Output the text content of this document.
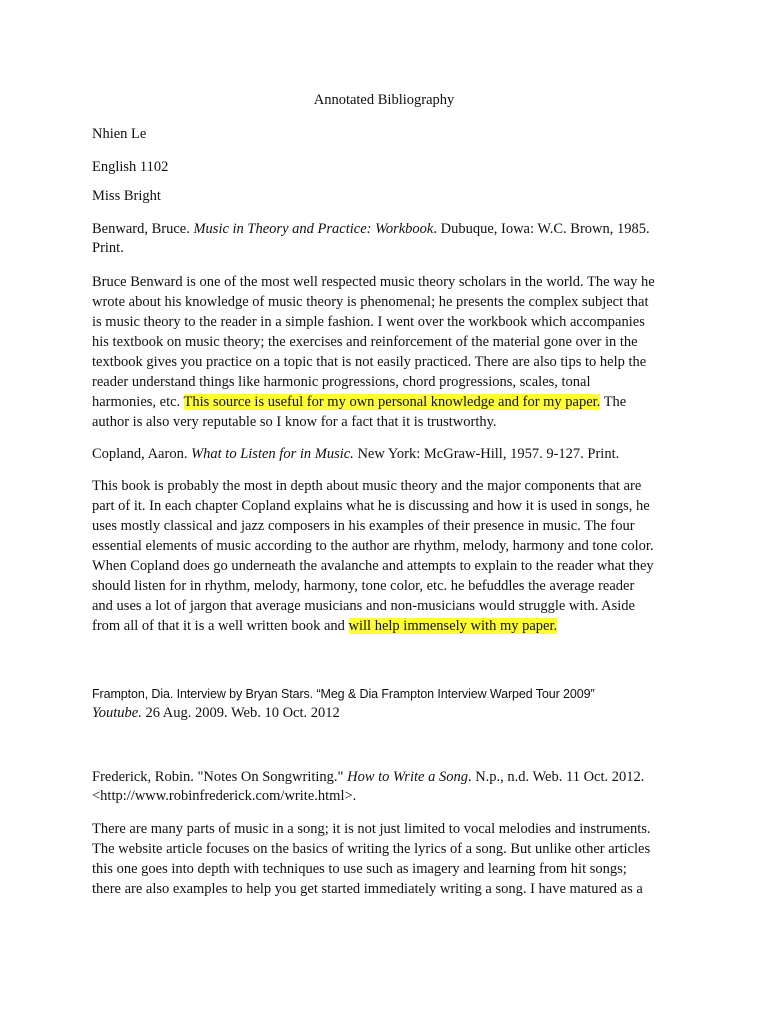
Annotated Bibliography
Nhien Le
English 1102
Miss Bright
Benward, Bruce. Music in Theory and Practice: Workbook. Dubuque, Iowa: W.C. Brown, 1985.
Print.
Bruce Benward is one of the most well respected music theory scholars in the world. The way he
wrote about his knowledge of music theory is phenomenal; he presents the complex subject that
is music theory to the reader in a simple fashion. I went over the workbook which accompanies
his textbook on music theory; the exercises and reinforcement of the material gone over in the
textbook gives you practice on a topic that is not easily practiced. There are also tips to help the
reader understand things like harmonic progressions, chord progressions, scales, tonal
harmonies, etc. This source is useful for my own personal knowledge and for my paper. The
author is also very reputable so I know for a fact that it is trustworthy.
Copland, Aaron. What to Listen for in Music. New York: McGraw-Hill, 1957. 9-127. Print.
This book is probably the most in depth about music theory and the major components that are
part of it. In each chapter Copland explains what he is discussing and how it is used in songs, he
uses mostly classical and jazz composers in his examples of their presence in music. The four
essential elements of music according to the author are rhythm, melody, harmony and tone color.
When Copland does go underneath the avalanche and attempts to explain to the reader what they
should listen for in rhythm, melody, harmony, tone color, etc. he befuddles the average reader
and uses a lot of jargon that average musicians and non-musicians would struggle with. Aside
from all of that it is a well written book and will help immensely with my paper.
Frampton, Dia. Interview by Bryan Stars. “Meg & Dia Frampton Interview Warped Tour 2009”
Youtube. 26 Aug. 2009. Web. 10 Oct. 2012
Frederick, Robin. "Notes On Songwriting." How to Write a Song. N.p., n.d. Web. 11 Oct. 2012.
<http://www.robinfrederick.com/write.html>.
There are many parts of music in a song; it is not just limited to vocal melodies and instruments.
The website article focuses on the basics of writing the lyrics of a song. But unlike other articles
this one goes into depth with techniques to use such as imagery and learning from hit songs;
there are also examples to help you get started immediately writing a song. I have matured as a
